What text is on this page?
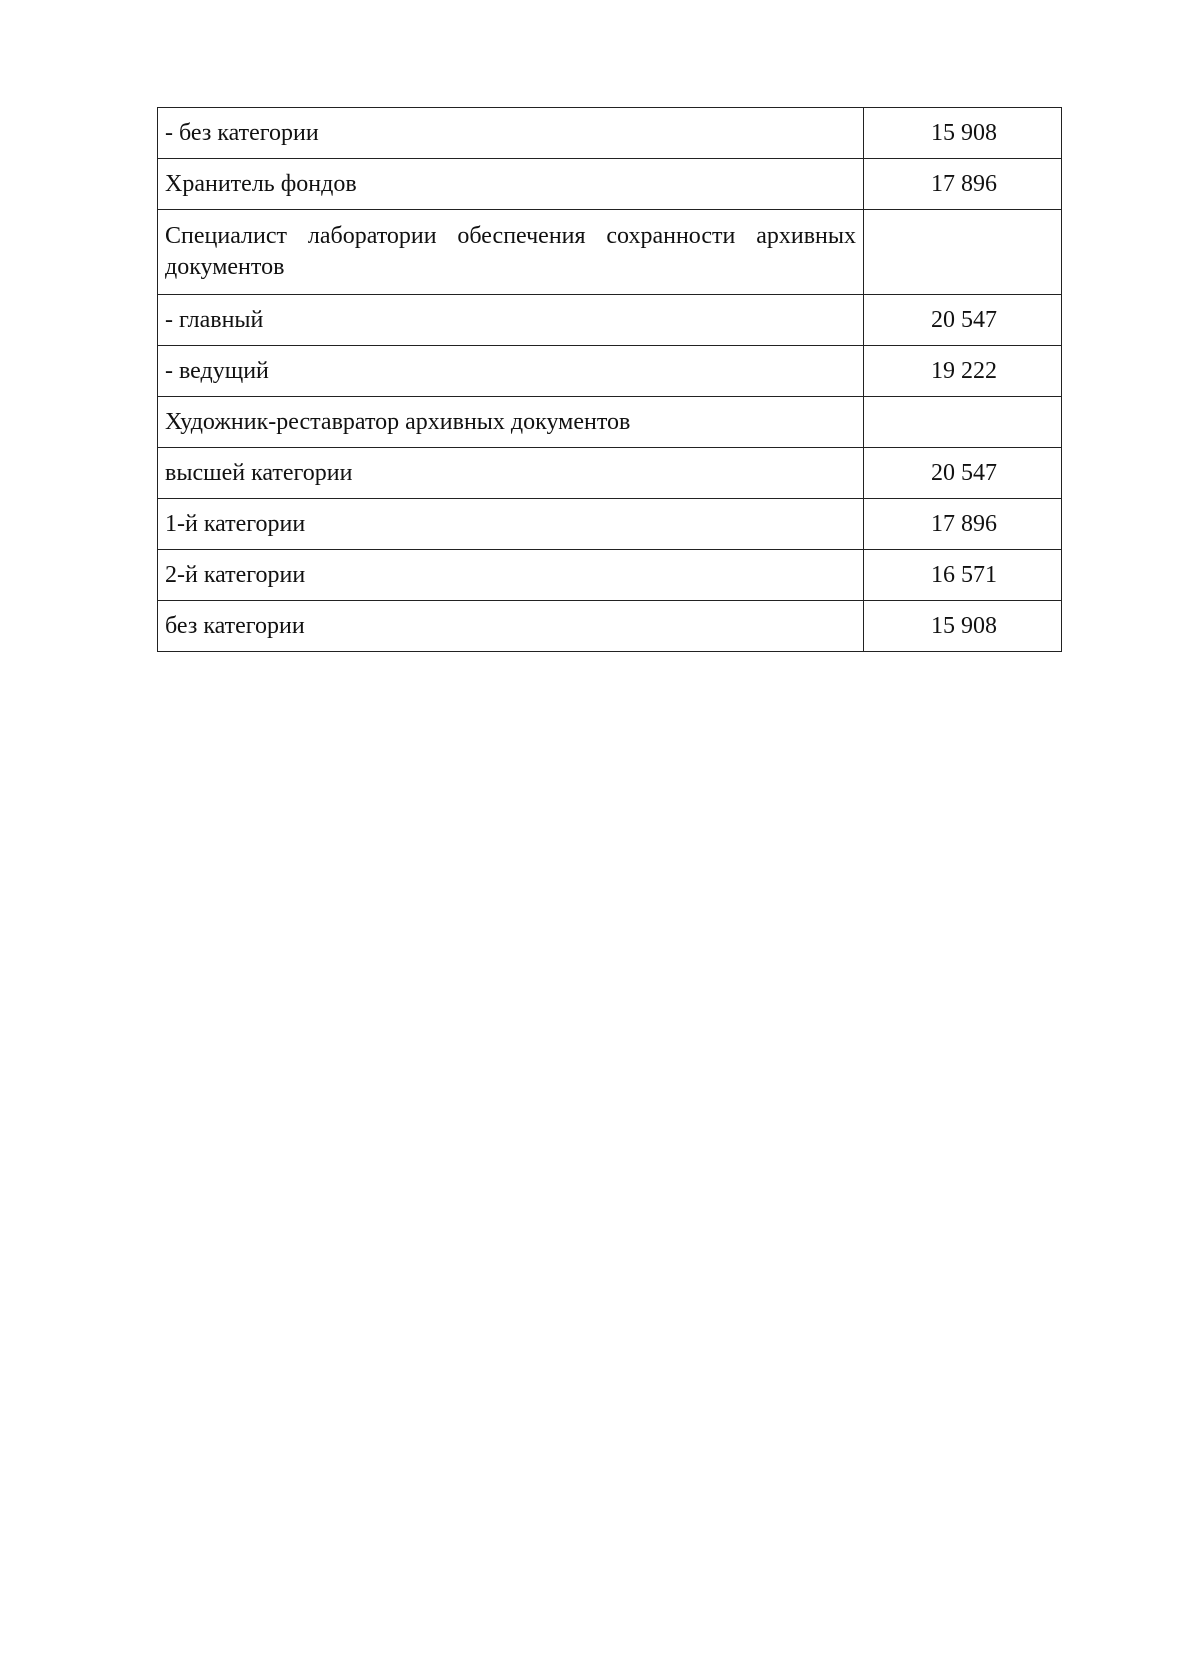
- без категории	15 908
Хранитель фондов	17 896
Специалист лаборатории обеспечения сохранности архивных документов	
- главный	20 547
- ведущий	19 222
Художник-реставратор архивных документов	
высшей категории	20 547
1-й категории	17 896
2-й категории	16 571
без категории	15 908
